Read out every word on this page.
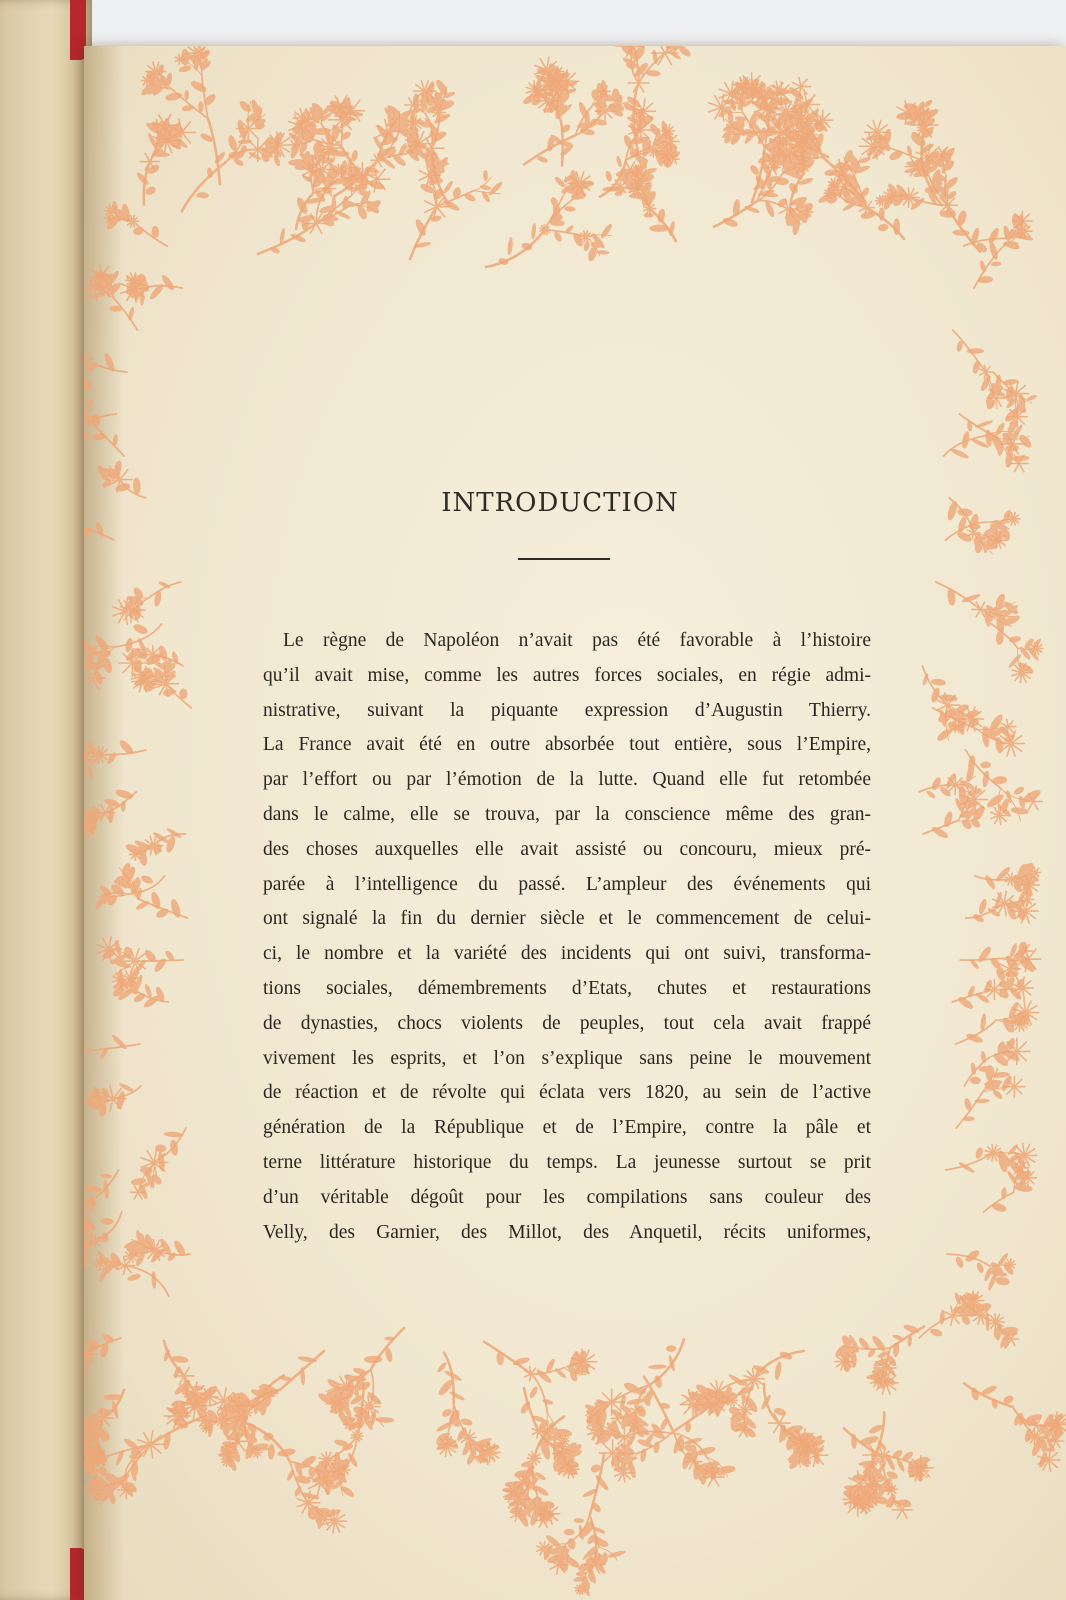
INTRODUCTION
Le règne de Napoléon n’avait pas été favorable à l’histoire
qu’il avait mise, comme les autres forces sociales, en régie admi-
nistrative, suivant la piquante expression d’Augustin Thierry.
La France avait été en outre absorbée tout entière, sous l’Empire,
par l’effort ou par l’émotion de la lutte. Quand elle fut retombée
dans le calme, elle se trouva, par la conscience même des gran-
des choses auxquelles elle avait assisté ou concouru, mieux pré-
parée à l’intelligence du passé. L’ampleur des événements qui
ont signalé la fin du dernier siècle et le commencement de celui-
ci, le nombre et la variété des incidents qui ont suivi, transforma-
tions sociales, démembrements d’Etats, chutes et restaurations
de dynasties, chocs violents de peuples, tout cela avait frappé
vivement les esprits, et l’on s’explique sans peine le mouvement
de réaction et de révolte qui éclata vers 1820, au sein de l’active
génération de la République et de l’Empire, contre la pâle et
terne littérature historique du temps. La jeunesse surtout se prit
d’un véritable dégoût pour les compilations sans couleur des
Velly, des Garnier, des Millot, des Anquetil, récits uniformes,
